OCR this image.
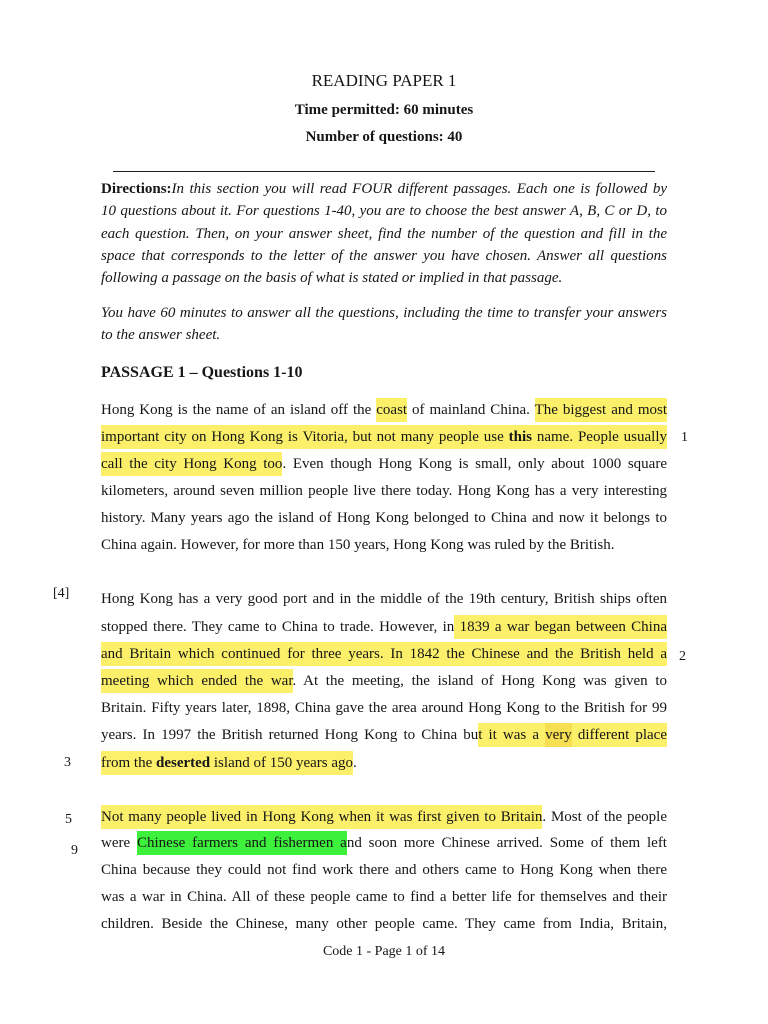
READING PAPER 1
Time permitted: 60 minutes
Number of questions: 40
Directions:In this section you will read FOUR different passages. Each one is followed by
10 questions about it. For questions 1-40, you are to choose the best answer A, B, C or D, to
each question. Then, on your answer sheet, find the number of the question and fill in the
space that corresponds to the letter of the answer you have chosen. Answer all questions
following a passage on the basis of what is stated or implied in that passage.
You have 60 minutes to answer all the questions, including the time to transfer your answers
to the answer sheet.
PASSAGE 1 – Questions 1-10
Hong Kong is the name of an island off the coast of mainland China. The biggest and most
important city on Hong Kong is Vitoria, but not many people use this name. People usually
call the city Hong Kong too. Even though Hong Kong is small, only about 1000 square
kilometers, around seven million people live there today. Hong Kong has a very interesting
history. Many years ago the island of Hong Kong belonged to China and now it belongs to
China again. However, for more than 150 years, Hong Kong was ruled by the British.
Hong Kong has a very good port and in the middle of the 19th century, British ships often
stopped there. They came to China to trade. However, in 1839 a war began between China
and Britain which continued for three years. In 1842 the Chinese and the British held a
meeting which ended the war. At the meeting, the island of Hong Kong was given to
Britain. Fifty years later, 1898, China gave the area around Hong Kong to the British for 99
years. In 1997 the British returned Hong Kong to China but it was a very different place
from the deserted island of 150 years ago.
Not many people lived in Hong Kong when it was first given to Britain. Most of the people
were Chinese farmers and fishermen and soon more Chinese arrived. Some of them left
China because they could not find work there and others came to Hong Kong when there
was a war in China. All of these people came to find a better life for themselves and their
children. Beside the Chinese, many other people came. They came from India, Britain,
1
[4]
2
3
5
9
Code 1 - Page 1 of 14
